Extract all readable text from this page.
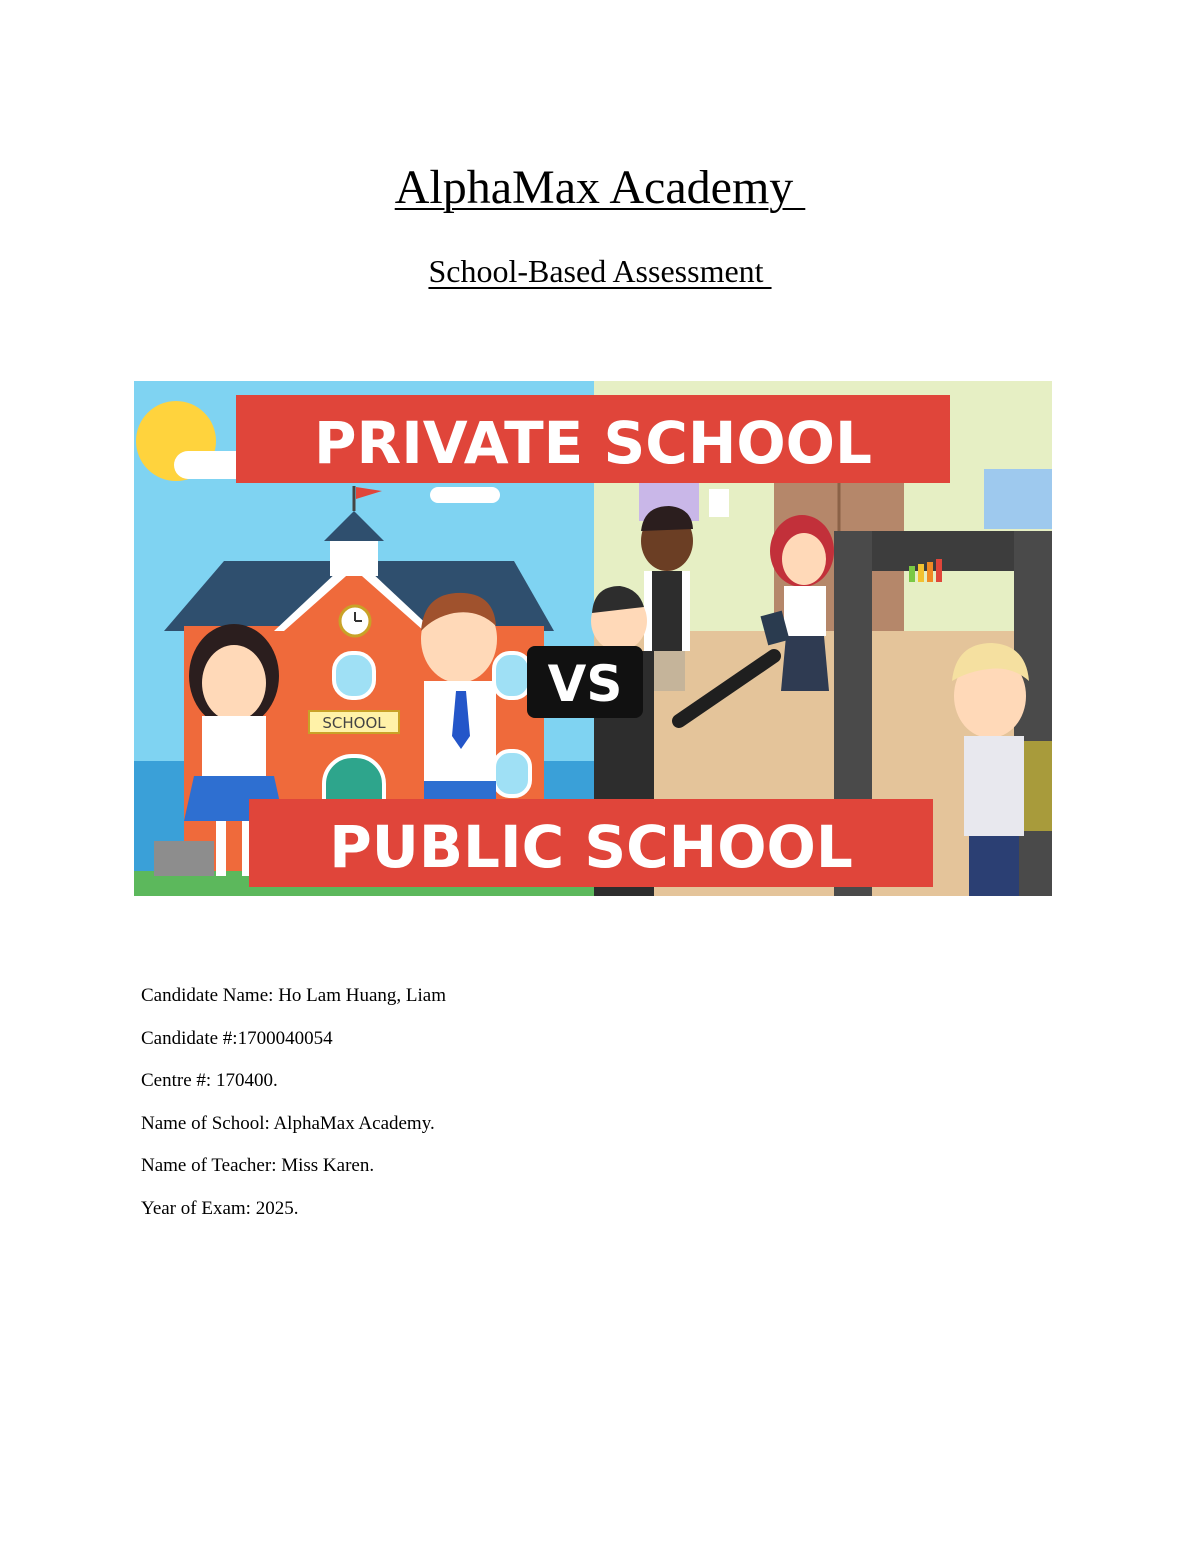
AlphaMax Academy
School-Based Assessment
SCHOOL
PRIVATE SCHOOL
VS
PUBLIC SCHOOL
Candidate Name: Ho Lam Huang, Liam
Candidate #:1700040054
Centre #: 170400.
Name of School: AlphaMax Academy.
Name of Teacher: Miss Karen.
Year of Exam: 2025.
